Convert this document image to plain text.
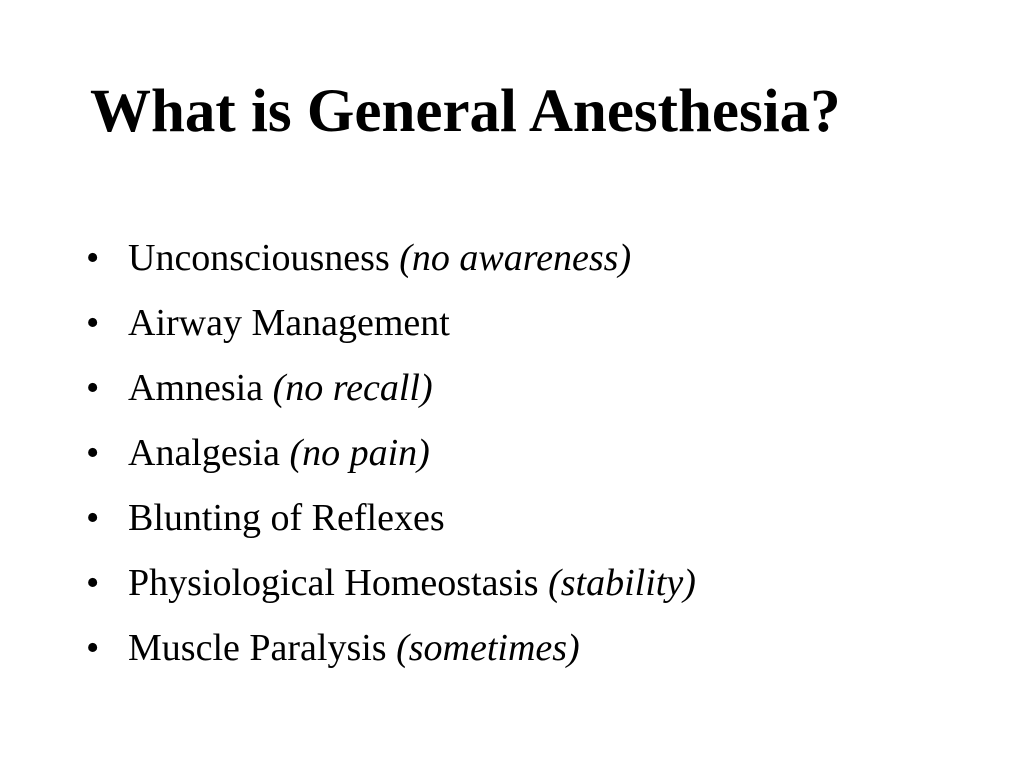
What is General Anesthesia?
• Unconsciousness (no awareness)
• Airway Management
• Amnesia (no recall)
• Analgesia (no pain)
• Blunting of Reflexes
• Physiological Homeostasis (stability)
• Muscle Paralysis (sometimes)
